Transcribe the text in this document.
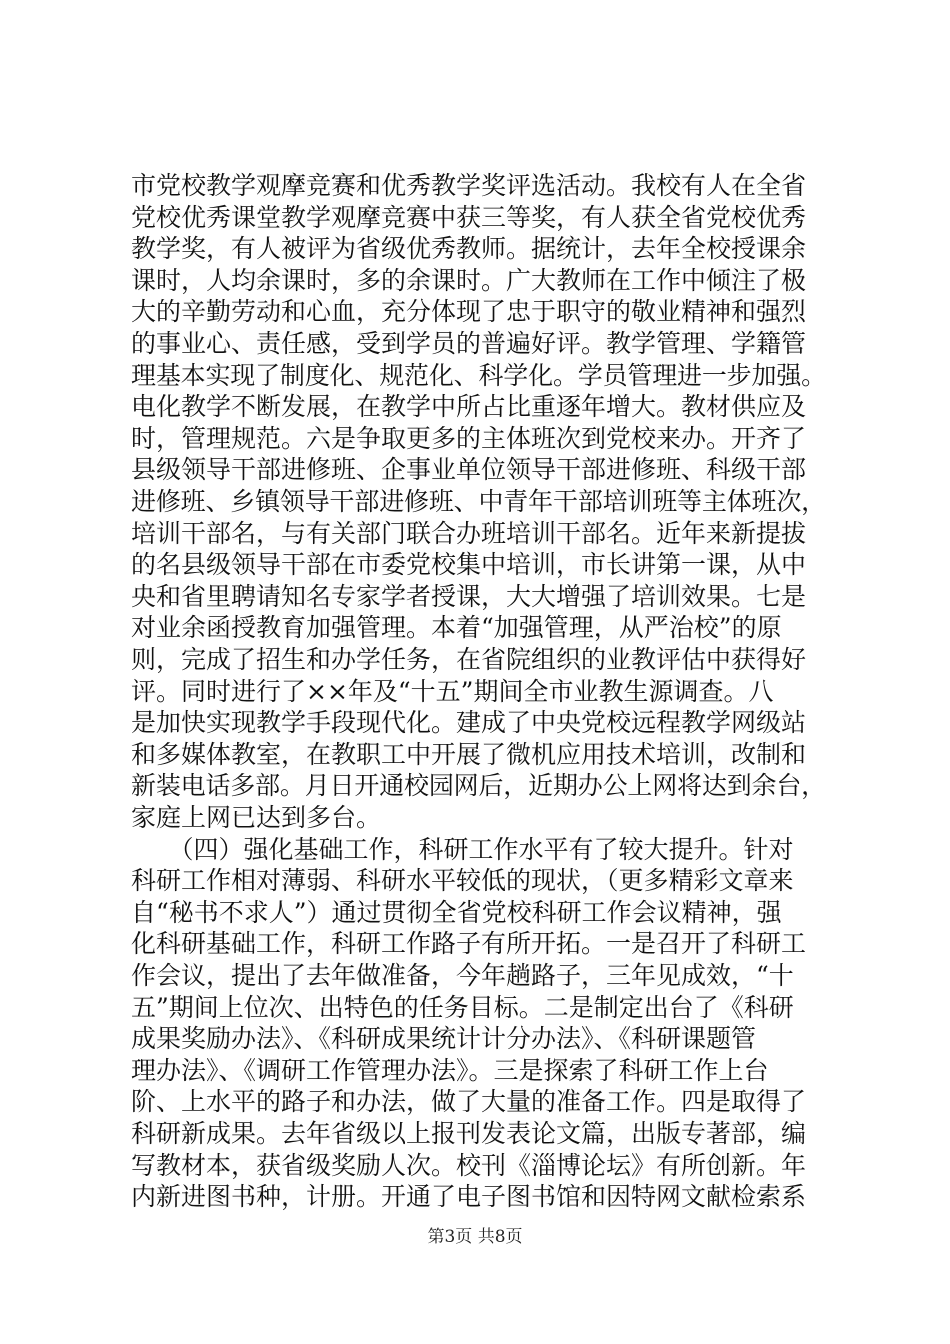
市党校教学观摩竞赛和优秀教学奖评选活动。我校有人在全省
党校优秀课堂教学观摩竞赛中获三等奖，有人获全省党校优秀
教学奖，有人被评为省级优秀教师。据统计，去年全校授课余
课时，人均余课时，多的余课时。广大教师在工作中倾注了极
大的辛勤劳动和心血，充分体现了忠于职守的敬业精神和强烈
的事业心、责任感，受到学员的普遍好评。教学管理、学籍管
理基本实现了制度化、规范化、科学化。学员管理进一步加强。
电化教学不断发展，在教学中所占比重逐年增大。教材供应及
时，管理规范。六是争取更多的主体班次到党校来办。开齐了
县级领导干部进修班、企事业单位领导干部进修班、科级干部
进修班、乡镇领导干部进修班、中青年干部培训班等主体班次，
培训干部名，与有关部门联合办班培训干部名。近年来新提拔
的名县级领导干部在市委党校集中培训，市长讲第一课，从中
央和省里聘请知名专家学者授课，大大增强了培训效果。七是
对业余函授教育加强管理。本着“加强管理，从严治校”的原
则，完成了招生和办学任务，在省院组织的业教评估中获得好
评。同时进行了××年及“十五”期间全市业教生源调查。八
是加快实现教学手段现代化。建成了中央党校远程教学网级站
和多媒体教室，在教职工中开展了微机应用技术培训，改制和
新装电话多部。月日开通校园网后，近期办公上网将达到余台，
家庭上网已达到多台。
　　（四）强化基础工作，科研工作水平有了较大提升。针对
科研工作相对薄弱、科研水平较低的现状，（更多精彩文章来
自“秘书不求人”）通过贯彻全省党校科研工作会议精神，强
化科研基础工作，科研工作路子有所开拓。一是召开了科研工
作会议，提出了去年做准备，今年趟路子，三年见成效，“十
五”期间上位次、出特色的任务目标。二是制定出台了《科研
成果奖励办法》、《科研成果统计计分办法》、《科研课题管
理办法》、《调研工作管理办法》。三是探索了科研工作上台
阶、上水平的路子和办法，做了大量的准备工作。四是取得了
科研新成果。去年省级以上报刊发表论文篇，出版专著部，编
写教材本，获省级奖励人次。校刊《淄博论坛》有所创新。年
内新进图书种，计册。开通了电子图书馆和因特网文献检索系
第3页 共8页
